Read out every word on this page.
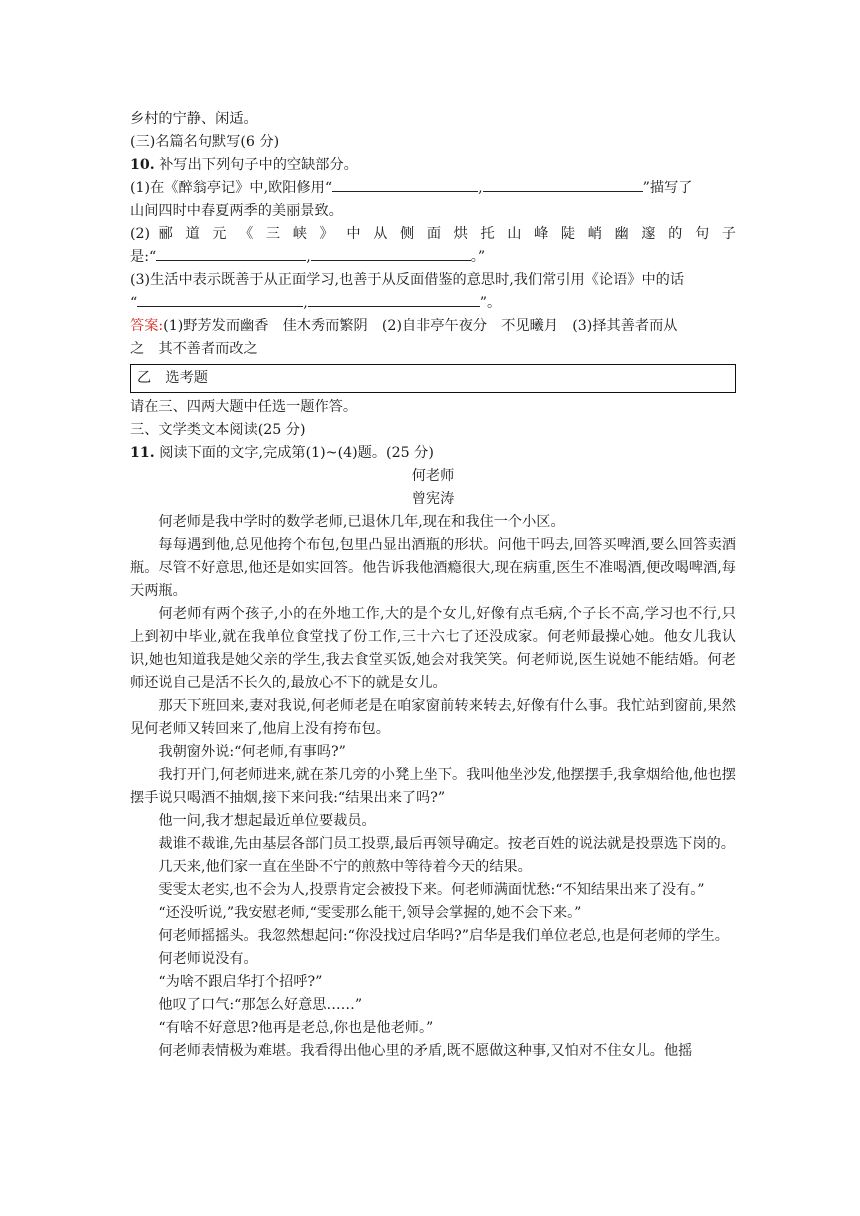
乡村的宁静、闲适。

(三)名篇名句默写(6 分)

10. 补写出下列句子中的空缺部分。

(1)在《醉翁亭记》中,欧阳修用“	,	”描写了

山间四时中春夏两季的美丽景致。

(2) 郦 道 元 《 三 峡 》 中 从 侧 面 烘 托 山 峰 陡 峭 幽 邃 的 句 子

是:“	,	。”

(3)生活中表示既善于从正面学习,也善于从反面借鉴的意思时,我们常引用《论语》中的话

“	,	”。

答案:(1)野芳发而幽香　佳木秀而繁阴　(2)自非亭午夜分　不见曦月　(3)择其善者而从

之　其不善者而改之

乙　选考题

请在三、四两大题中任选一题作答。

三、文学类文本阅读(25 分)

11. 阅读下面的文字,完成第(1)~(4)题。(25 分)

何老师

曾宪涛

何老师是我中学时的数学老师,已退休几年,现在和我住一个小区。

每每遇到他,总见他挎个布包,包里凸显出酒瓶的形状。问他干吗去,回答买啤酒,要么回答卖酒瓶。尽管不好意思,他还是如实回答。他告诉我他酒瘾很大,现在病重,医生不准喝酒,便改喝啤酒,每天两瓶。

何老师有两个孩子,小的在外地工作,大的是个女儿,好像有点毛病,个子长不高,学习也不行,只上到初中毕业,就在我单位食堂找了份工作,三十六七了还没成家。何老师最操心她。他女儿我认识,她也知道我是她父亲的学生,我去食堂买饭,她会对我笑笑。何老师说,医生说她不能结婚。何老师还说自己是活不长久的,最放心不下的就是女儿。

那天下班回来,妻对我说,何老师老是在咱家窗前转来转去,好像有什么事。我忙站到窗前,果然见何老师又转回来了,他肩上没有挎布包。

我朝窗外说:“何老师,有事吗?”

我打开门,何老师进来,就在茶几旁的小凳上坐下。我叫他坐沙发,他摆摆手,我拿烟给他,他也摆摆手说只喝酒不抽烟,接下来问我:“结果出来了吗?”

他一问,我才想起最近单位要裁员。

裁谁不裁谁,先由基层各部门员工投票,最后再领导确定。按老百姓的说法就是投票选下岗的。

几天来,他们家一直在坐卧不宁的煎熬中等待着今天的结果。

雯雯太老实,也不会为人,投票肯定会被投下来。何老师满面忧愁:“不知结果出来了没有。”

“还没听说,”我安慰老师,“雯雯那么能干,领导会掌握的,她不会下来。”

何老师摇摇头。我忽然想起问:“你没找过启华吗?”启华是我们单位老总,也是何老师的学生。

何老师说没有。

“为啥不跟启华打个招呼?”

他叹了口气:“那怎么好意思……”

“有啥不好意思?他再是老总,你也是他老师。”

何老师表情极为难堪。我看得出他心里的矛盾,既不愿做这种事,又怕对不住女儿。他摇
